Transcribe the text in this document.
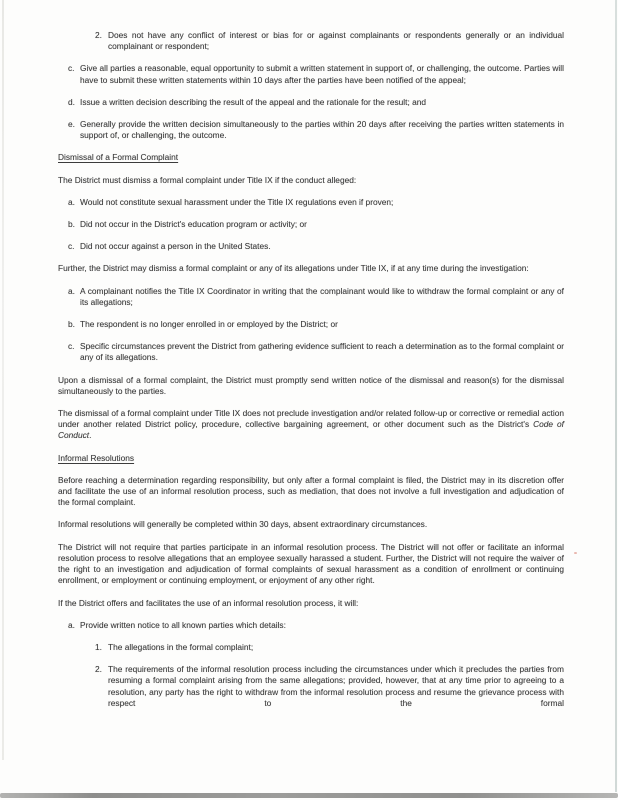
2. Does not have any conflict of interest or bias for or against complainants or respondents generally or an individual complainant or respondent;
c. Give all parties a reasonable, equal opportunity to submit a written statement in support of, or challenging, the outcome. Parties will have to submit these written statements within 10 days after the parties have been notified of the appeal;
d. Issue a written decision describing the result of the appeal and the rationale for the result; and
e. Generally provide the written decision simultaneously to the parties within 20 days after receiving the parties written statements in support of, or challenging, the outcome.
Dismissal of a Formal Complaint
The District must dismiss a formal complaint under Title IX if the conduct alleged:
a. Would not constitute sexual harassment under the Title IX regulations even if proven;
b. Did not occur in the District's education program or activity; or
c. Did not occur against a person in the United States.
Further, the District may dismiss a formal complaint or any of its allegations under Title IX, if at any time during the investigation:
a. A complainant notifies the Title IX Coordinator in writing that the complainant would like to withdraw the formal complaint or any of its allegations;
b. The respondent is no longer enrolled in or employed by the District; or
c. Specific circumstances prevent the District from gathering evidence sufficient to reach a determination as to the formal complaint or any of its allegations.
Upon a dismissal of a formal complaint, the District must promptly send written notice of the dismissal and reason(s) for the dismissal simultaneously to the parties.
The dismissal of a formal complaint under Title IX does not preclude investigation and/or related follow-up or corrective or remedial action under another related District policy, procedure, collective bargaining agreement, or other document such as the District's Code of Conduct.
Informal Resolutions
Before reaching a determination regarding responsibility, but only after a formal complaint is filed, the District may in its discretion offer and facilitate the use of an informal resolution process, such as mediation, that does not involve a full investigation and adjudication of the formal complaint.
Informal resolutions will generally be completed within 30 days, absent extraordinary circumstances.
The District will not require that parties participate in an informal resolution process. The District will not offer or facilitate an informal resolution process to resolve allegations that an employee sexually harassed a student. Further, the District will not require the waiver of the right to an investigation and adjudication of formal complaints of sexual harassment as a condition of enrollment or continuing enrollment, or employment or continuing employment, or enjoyment of any other right.
If the District offers and facilitates the use of an informal resolution process, it will:
a. Provide written notice to all known parties which details:
1. The allegations in the formal complaint;
2. The requirements of the informal resolution process including the circumstances under which it precludes the parties from resuming a formal complaint arising from the same allegations; provided, however, that at any time prior to agreeing to a resolution, any party has the right to withdraw from the informal resolution process and resume the grievance process with respect to the formal
